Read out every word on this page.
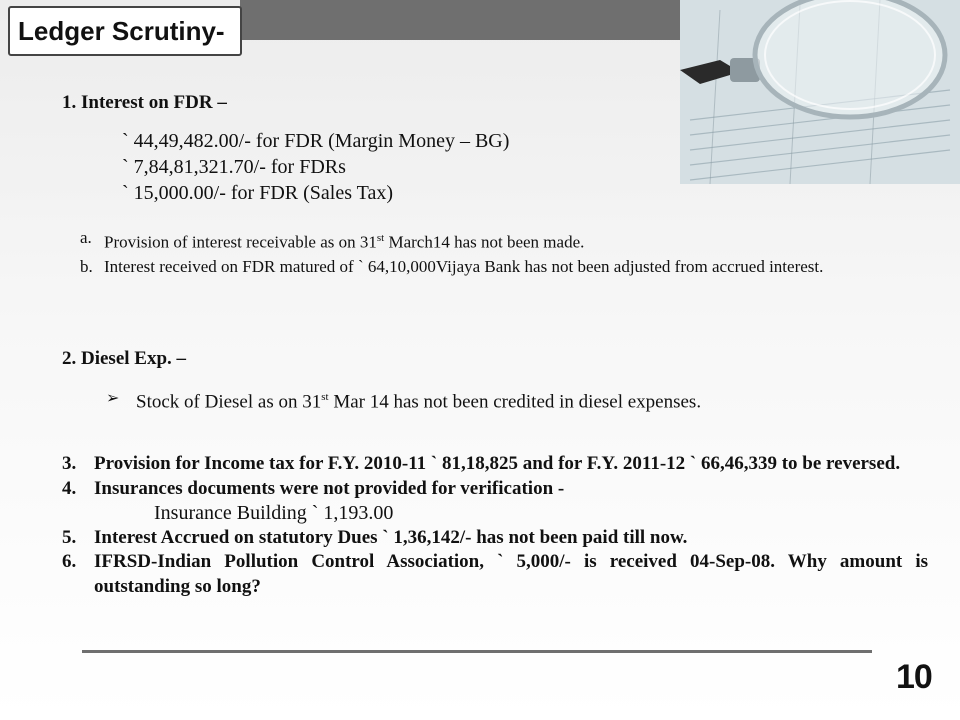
Ledger Scrutiny-
1. Interest on FDR –
` 44,49,482.00/- for FDR (Margin Money – BG)
` 7,84,81,321.70/- for FDRs
` 15,000.00/- for FDR (Sales Tax)
a. Provision of interest receivable as on 31st March14 has not been made.
b. Interest received on FDR matured of ` 64,10,000Vijaya Bank has not been adjusted from accrued interest.
2. Diesel Exp. –
➢ Stock of Diesel as on 31st Mar 14 has not been credited in diesel expenses.
3. Provision for Income tax for F.Y. 2010-11 ` 81,18,825 and for F.Y. 2011-12 ` 66,46,339 to be reversed.
4. Insurances documents were not provided for verification -
Insurance Building ` 1,193.00
5. Interest Accrued on statutory Dues ` 1,36,142/- has not been paid till now.
6. IFRSD-Indian Pollution Control Association, ` 5,000/- is received 04-Sep-08. Why amount is outstanding so long?
10
